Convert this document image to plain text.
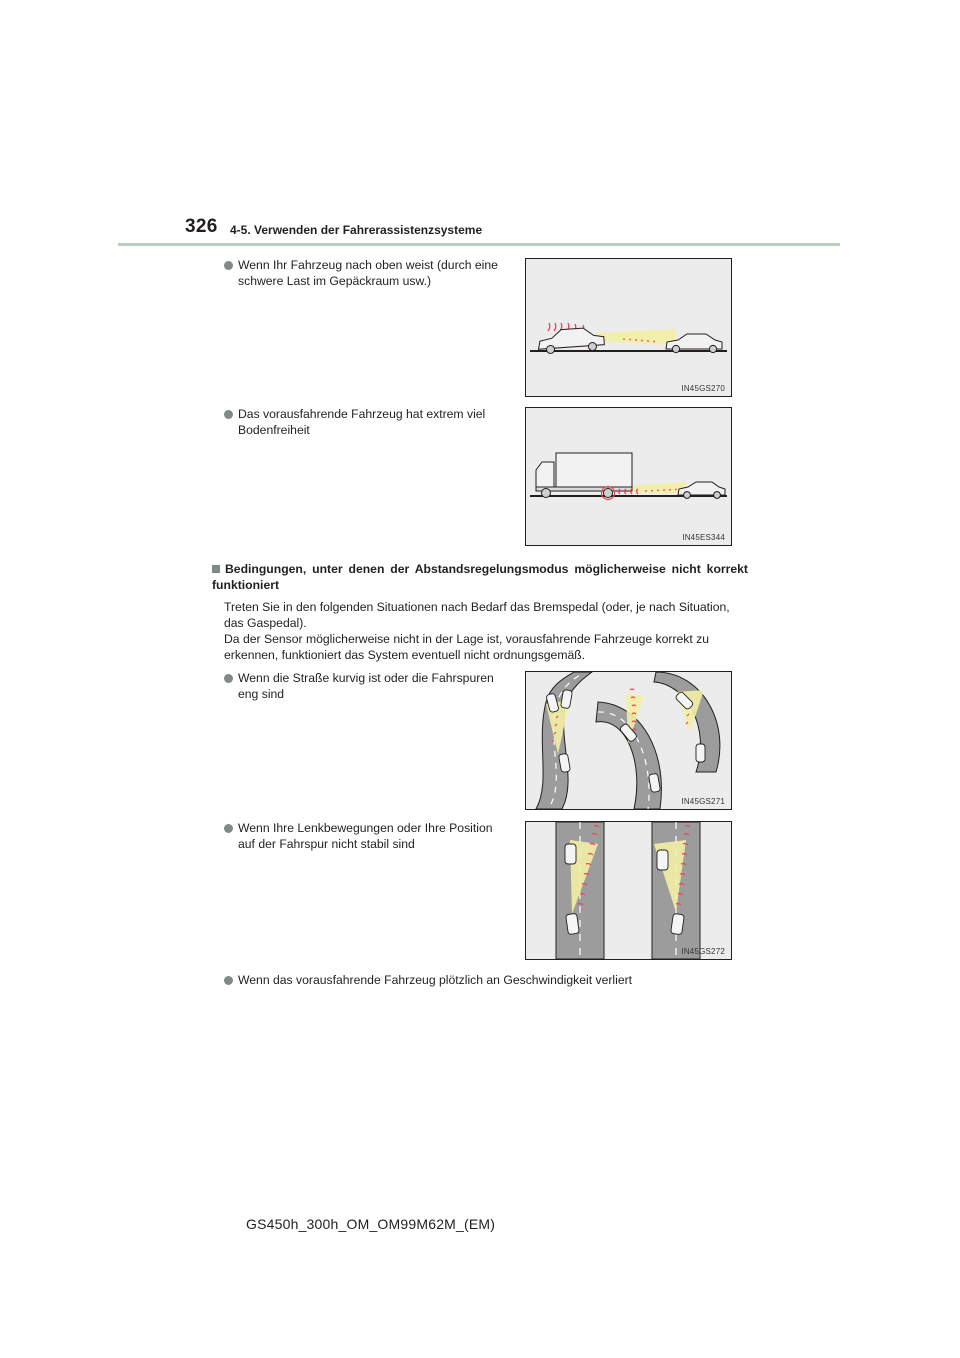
326 4-5. Verwenden der Fahrerassistenzsysteme
Wenn Ihr Fahrzeug nach oben weist (durch eine
schwere Last im Gepäckraum usw.)
IN45GS270
Das vorausfahrende Fahrzeug hat extrem viel
Bodenfreiheit
IN45ES344
Bedingungen, unter denen der Abstandsregelungsmodus möglicherweise nicht korrekt funktioniert
Treten Sie in den folgenden Situationen nach Bedarf das Bremspedal (oder, je nach Situation,
das Gaspedal).
Da der Sensor möglicherweise nicht in der Lage ist, vorausfahrende Fahrzeuge korrekt zu
erkennen, funktioniert das System eventuell nicht ordnungsgemäß.
Wenn die Straße kurvig ist oder die Fahrspuren
eng sind
IN45GS271
Wenn Ihre Lenkbewegungen oder Ihre Position
auf der Fahrspur nicht stabil sind
IN45GS272
Wenn das vorausfahrende Fahrzeug plötzlich an Geschwindigkeit verliert
GS450h_300h_OM_OM99M62M_(EM)
